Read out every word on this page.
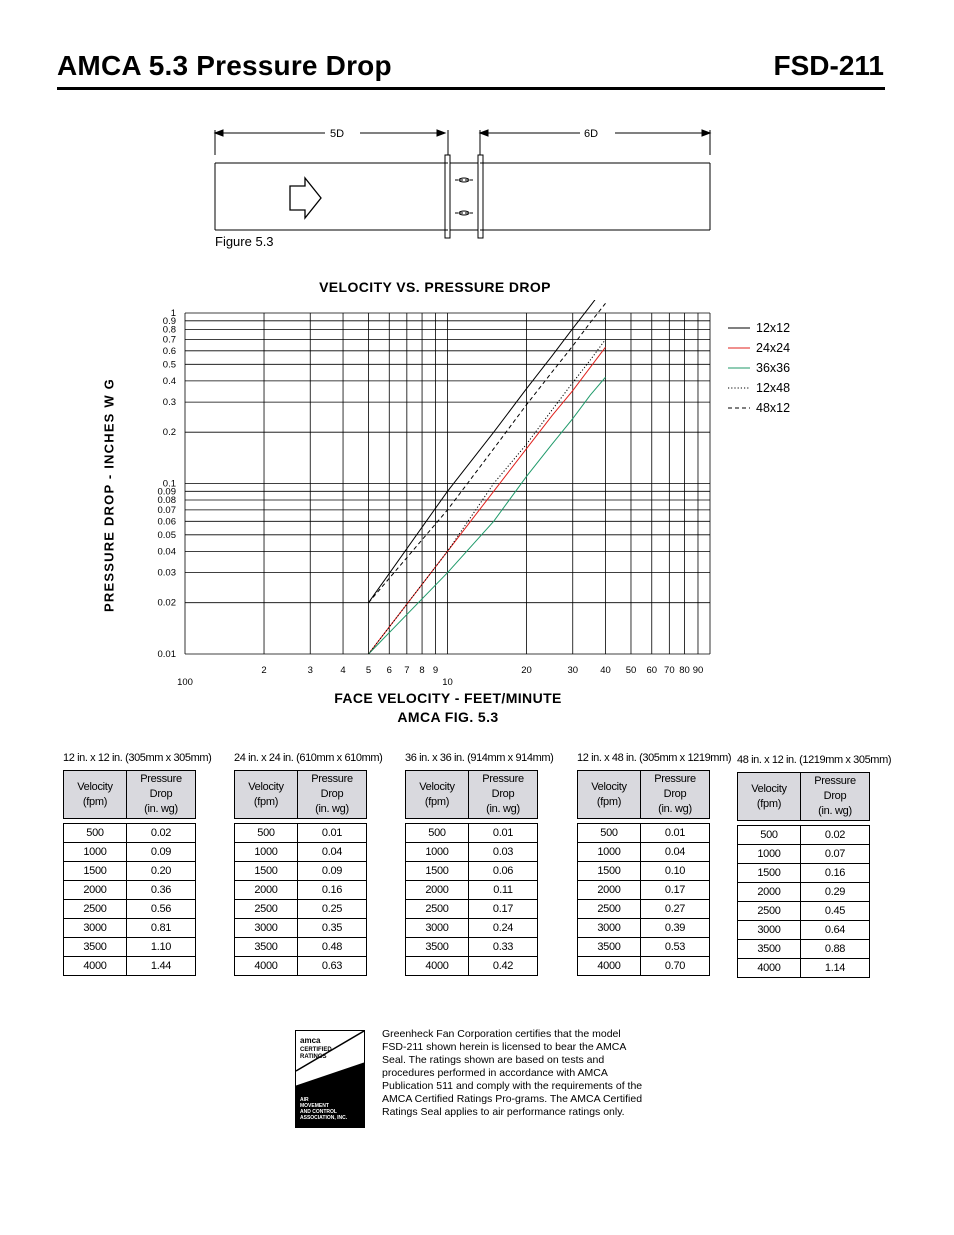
AMCA 5.3 Pressure Drop	FSD-211
5D	6D
Figure 5.3
VELOCITY VS. PRESSURE DROP
PRESSURE DROP - INCHES W G
1
0.9
0.8
0.7
0.6
0.5
0.4
0.3
0.2
0.1
0.09
0.08
0.07
0.06
0.05
0.04
0.03
0.02
0.01
100
2	3	4 5 6 7 8 9
10
20	30 40 50 60 70 80 90
12x12
24x24
36x36
12x48
48x12
FACE VELOCITY - FEET/MINUTE
AMCA FIG. 5.3
12 in. x 12 in. (305mm x 305mm)
Velocity (fpm)	Pressure Drop
(in. wg)

500	0.02
1000	0.09
1500	0.20
2000	0.36
2500	0.56
3000	0.81
3500	1.10
4000	1.44
24 in. x 24 in. (610mm x 610mm)
Velocity (fpm)	Pressure Drop
(in. wg)

500	0.01
1000	0.04
1500	0.09
2000	0.16
2500	0.25
3000	0.35
3500	0.48
4000	0.63
36 in. x 36 in. (914mm x 914mm)
Velocity (fpm)	Pressure Drop
(in. wg)

500	0.01
1000	0.03
1500	0.06
2000	0.11
2500	0.17
3000	0.24
3500	0.33
4000	0.42
12 in. x 48 in. (305mm x 1219mm)
Velocity (fpm)	Pressure Drop
(in. wg)

500	0.01
1000	0.04
1500	0.10
2000	0.17
2500	0.27
3000	0.39
3500	0.53
4000	0.70
48 in. x 12 in. (1219mm x 305mm)
Velocity (fpm)	Pressure Drop
(in. wg)

500	0.02
1000	0.07
1500	0.16
2000	0.29
2500	0.45
3000	0.64
3500	0.88
4000	1.14
amca
CERTIFIED
RATINGS
AIR
PERFORMANCE
AIR
MOVEMENT
AND CONTROL
ASSOCIATION, INC.
Greenheck Fan Corporation certifies that the model FSD-211 shown herein is licensed to bear the AMCA Seal. The ratings shown are based on tests and procedures performed in accordance with AMCA Publication 511 and comply with the requirements of the AMCA Certified Ratings Pro-grams. The AMCA Certified Ratings Seal applies to air performance ratings only.
